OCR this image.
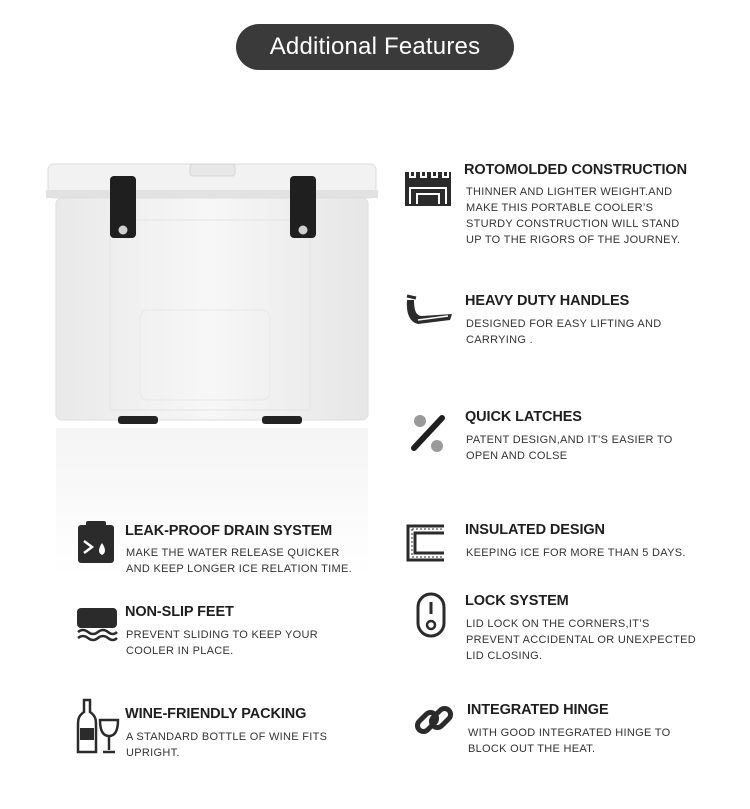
Additional Features
ROTOMOLDED CONSTRUCTION
THINNER AND LIGHTER WEIGHT.AND
MAKE THIS PORTABLE COOLER’S
STURDY CONSTRUCTION WILL STAND
UP TO THE RIGORS OF THE JOURNEY.
HEAVY DUTY HANDLES
DESIGNED FOR EASY LIFTING AND
CARRYING .
QUICK LATCHES
PATENT DESIGN,AND IT’S EASIER TO
OPEN AND COLSE
LEAK-PROOF DRAIN SYSTEM
MAKE THE WATER RELEASE QUICKER
AND KEEP LONGER ICE RELATION TIME.
INSULATED DESIGN
KEEPING ICE FOR MORE THAN 5 DAYS.
NON-SLIP FEET
PREVENT SLIDING TO KEEP YOUR
COOLER IN PLACE.
LOCK SYSTEM
LID LOCK ON THE CORNERS,IT’S
PREVENT ACCIDENTAL OR UNEXPECTED
LID CLOSING.
WINE-FRIENDLY PACKING
A STANDARD BOTTLE OF WINE FITS
UPRIGHT.
INTEGRATED HINGE
WITH GOOD INTEGRATED HINGE TO
BLOCK OUT THE HEAT.
